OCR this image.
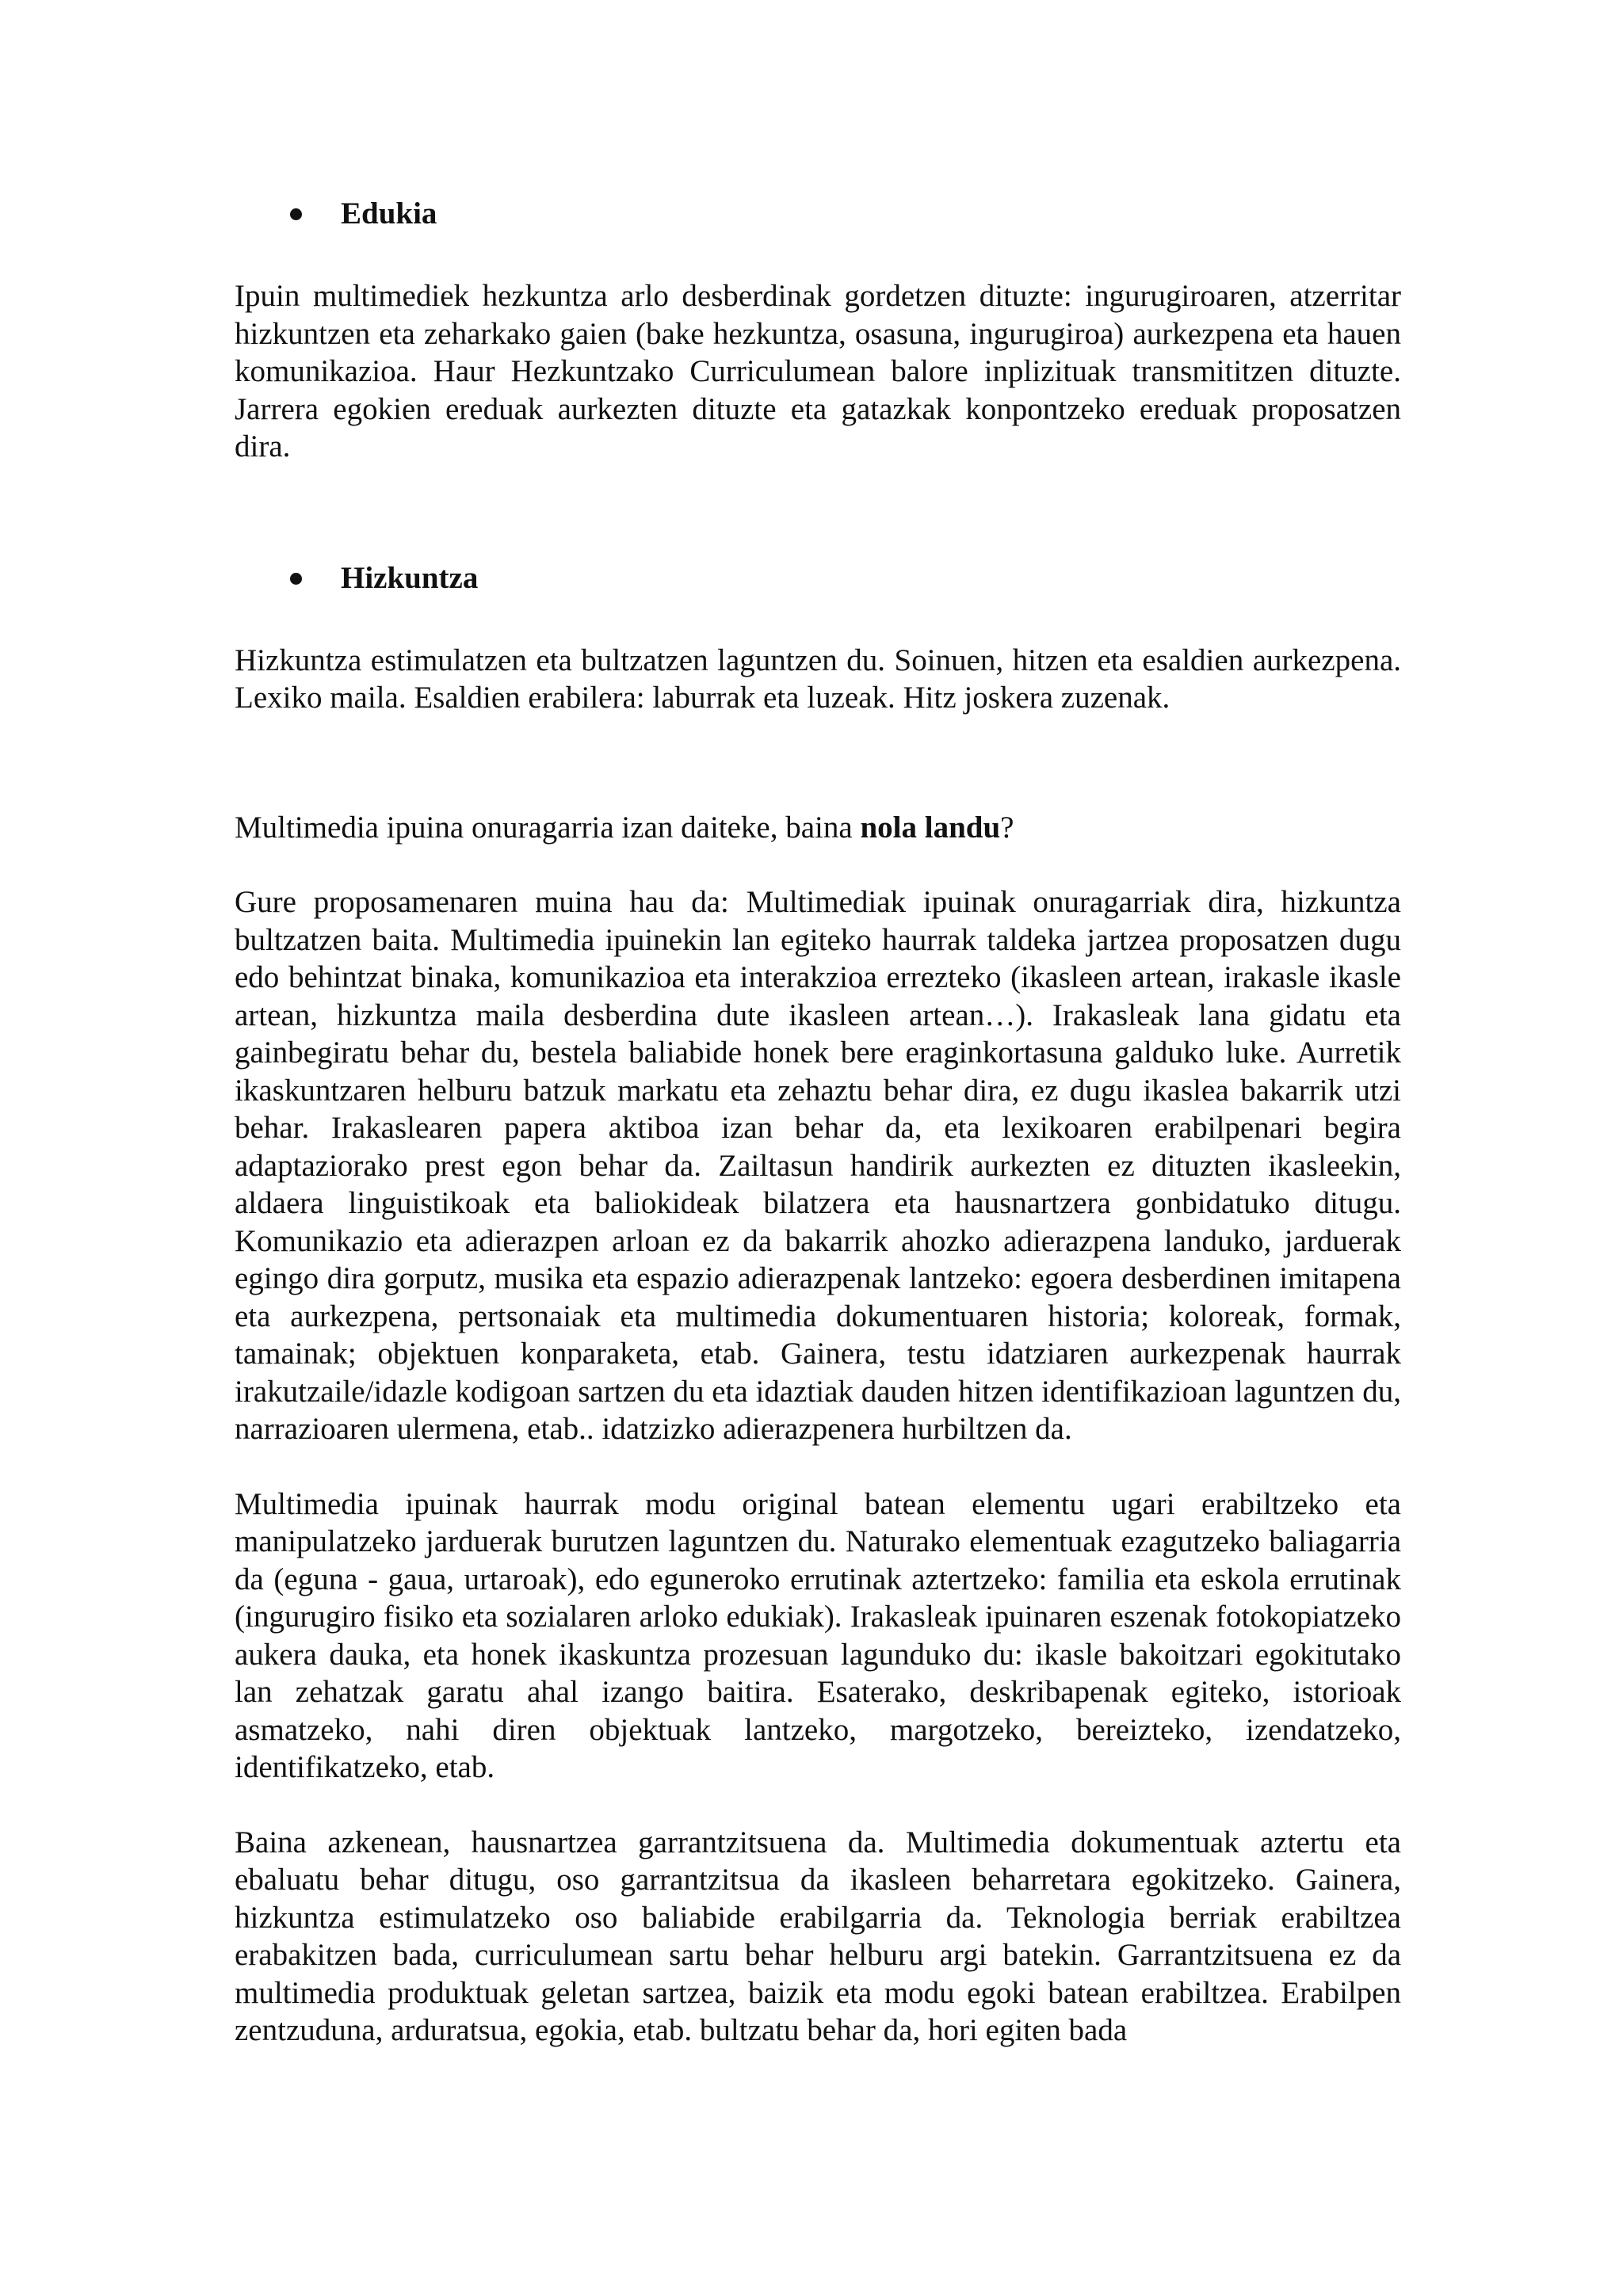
Edukia

Ipuin multimediek hezkuntza arlo desberdinak gordetzen dituzte: ingurugiroaren, atzerritar hizkuntzen eta zeharkako gaien (bake hezkuntza, osasuna, ingurugiroa) aurkezpena eta hauen komunikazioa. Haur Hezkuntzako Curriculumean balore inplizituak transmititzen dituzte. Jarrera egokien ereduak aurkezten dituzte eta gatazkak konpontzeko ereduak proposatzen dira.

Hizkuntza

Hizkuntza estimulatzen eta bultzatzen laguntzen du. Soinuen, hitzen eta esaldien aurkezpena. Lexiko maila. Esaldien erabilera: laburrak eta luzeak. Hitz joskera zuzenak.

Multimedia ipuina onuragarria izan daiteke, baina nola landu?

Gure proposamenaren muina hau da: Multimediak ipuinak onuragarriak dira, hizkuntza bultzatzen baita. Multimedia ipuinekin lan egiteko haurrak taldeka jartzea proposatzen dugu edo behintzat binaka, komunikazioa eta interakzioa errezteko (ikasleen artean, irakasle ikasle artean, hizkuntza maila desberdina dute ikasleen artean…). Irakasleak lana gidatu eta gainbegiratu behar du, bestela baliabide honek bere eraginkortasuna galduko luke. Aurretik ikaskuntzaren helburu batzuk markatu eta zehaztu behar dira, ez dugu ikaslea bakarrik utzi behar. Irakaslearen papera aktiboa izan behar da, eta lexikoaren erabilpenari begira adaptaziorako prest egon behar da. Zailtasun handirik aurkezten ez dituzten ikasleekin, aldaera linguistikoak eta baliokideak bilatzera eta hausnartzera gonbidatuko ditugu. Komunikazio eta adierazpen arloan ez da bakarrik ahozko adierazpena landuko, jarduerak egingo dira gorputz, musika eta espazio adierazpenak lantzeko: egoera desberdinen imitapena eta aurkezpena, pertsonaiak eta multimedia dokumentuaren historia; koloreak, formak, tamainak; objektuen konparaketa, etab. Gainera, testu idatziaren aurkezpenak haurrak irakutzaile/idazle kodigoan sartzen du eta idaztiak dauden hitzen identifikazioan laguntzen du, narrazioaren ulermena, etab.. idatzizko adierazpenera hurbiltzen da.

Multimedia ipuinak haurrak modu original batean elementu ugari erabiltzeko eta manipulatzeko jarduerak burutzen laguntzen du. Naturako elementuak ezagutzeko baliagarria da (eguna - gaua, urtaroak), edo eguneroko errutinak aztertzeko: familia eta eskola errutinak (ingurugiro fisiko eta sozialaren arloko edukiak). Irakasleak ipuinaren eszenak fotokopiatzeko aukera dauka, eta honek ikaskuntza prozesuan lagunduko du: ikasle bakoitzari egokitutako lan zehatzak garatu ahal izango baitira. Esaterako, deskribapenak egiteko, istorioak asmatzeko, nahi diren objektuak lantzeko, margotzeko, bereizteko, izendatzeko, identifikatzeko, etab.

Baina azkenean, hausnartzea garrantzitsuena da. Multimedia dokumentuak aztertu eta ebaluatu behar ditugu, oso garrantzitsua da ikasleen beharretara egokitzeko. Gainera, hizkuntza estimulatzeko oso baliabide erabilgarria da. Teknologia berriak erabiltzea erabakitzen bada, curriculumean sartu behar helburu argi batekin. Garrantzitsuena ez da multimedia produktuak geletan sartzea, baizik eta modu egoki batean erabiltzea. Erabilpen zentzuduna, arduratsua, egokia, etab. bultzatu behar da, hori egiten bada
